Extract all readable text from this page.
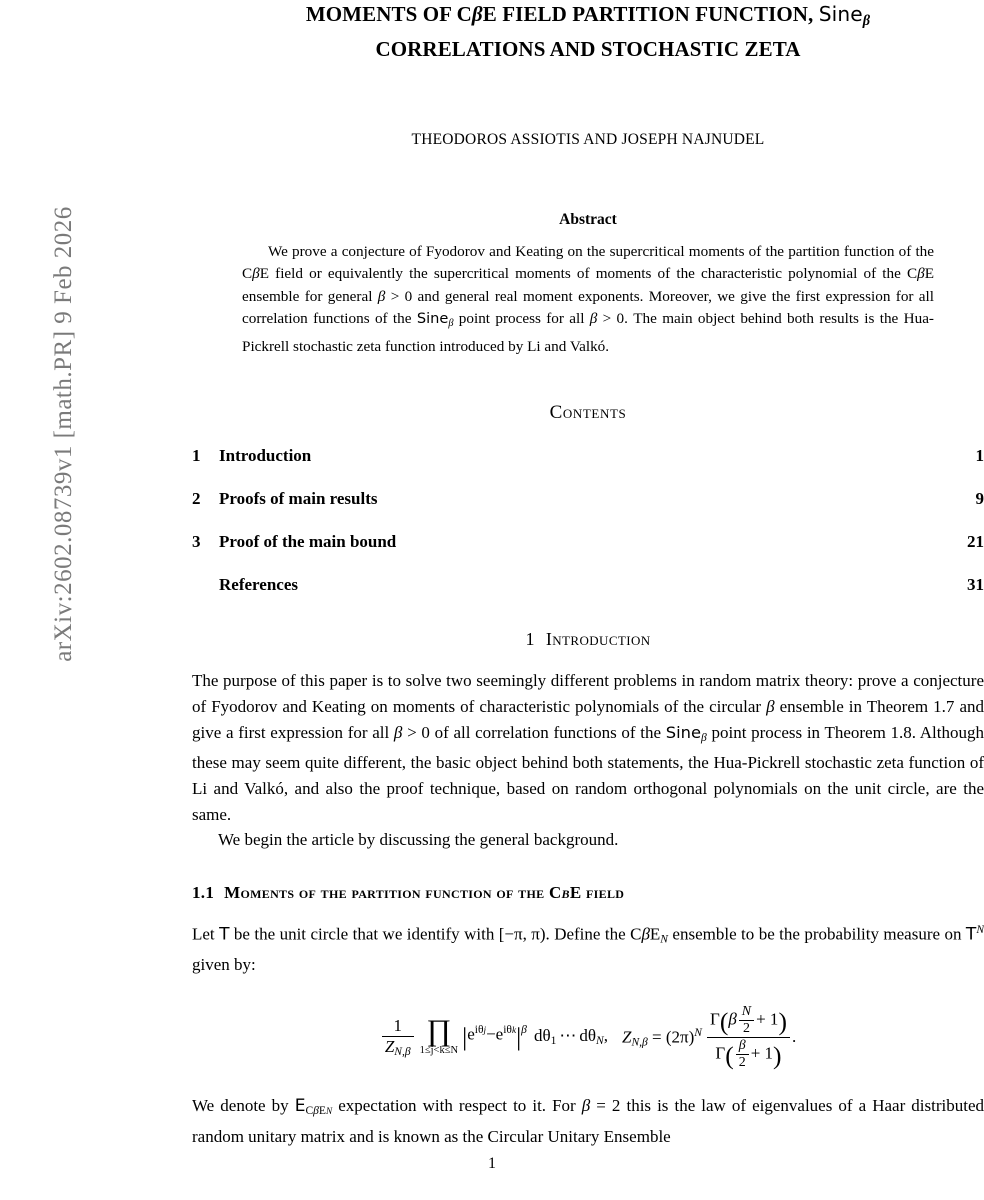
arXiv:2602.08739v1 [math.PR] 9 Feb 2026
MOMENTS OF CβE FIELD PARTITION FUNCTION, Sine$_\beta$
CORRELATIONS AND STOCHASTIC ZETA
THEODOROS ASSIOTIS AND JOSEPH NAJNUDEL
Abstract
We prove a conjecture of Fyodorov and Keating on the supercritical moments of the partition function of the CβE field or equivalently the supercritical moments of moments of the characteristic polynomial of the CβE ensemble for general β > 0 and general real moment exponents. Moreover, we give the first expression for all correlation functions of the Sine$_\beta$ point process for all β > 0. The main object behind both results is the Hua-Pickrell stochastic zeta function introduced by Li and Valkó.
Contents
1	Introduction	1
2	Proofs of main results	9
3	Proof of the main bound	21
References	31
1 Introduction

The purpose of this paper is to solve two seemingly different problems in random matrix theory: prove a conjecture of Fyodorov and Keating on moments of characteristic polynomials of the circular β ensemble in Theorem 1.7 and give a first expression for all β > 0 of all correlation functions of the Sine$_\beta$ point process in Theorem 1.8. Although these may seem quite different, the basic object behind both statements, the Hua-Pickrell stochastic zeta function of Li and Valkó, and also the proof technique, based on random orthogonal polynomials on the unit circle, are the same.

We begin the article by discussing the general background.

1.1 Moments of the partition function of the CβE field

Let T be the unit circle that we identify with [−π, π). Define the CβE$_N$ ensemble to be the probability measure on $T^N$ given by:

$\frac{1}{Z_{N,\beta}}$ ∏
1≤j<k≤N $|e^{i\theta j}-e^{i\theta k}|^\beta$ $d\theta_1$ ⋯ $d\theta_N$, $Z_{N,\beta} = (2\pi)^N \frac{\Gamma(\beta \frac{N}{2} + 1)}{\Gamma( \frac{\beta}{2} + 1)}$ .

We denote by $E_{C\beta EN}$ expectation with respect to it. For β = 2 this is the law of eigenvalues of a Haar distributed random unitary matrix and is known as the Circular Unitary Ensemble

1
